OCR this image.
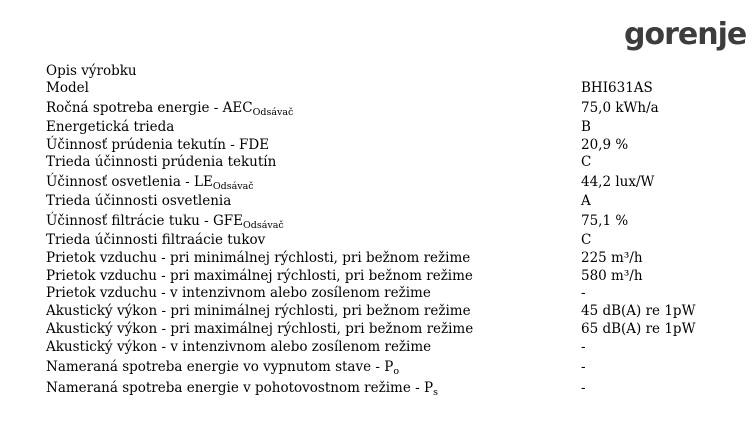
gorenje
Opis výrobku
Model	BHI631AS
Ročná spotreba energie - $AEC_{Odsávač}$	75,0 kWh/a
Energetická trieda	B
Účinnosť prúdenia tekutín - FDE	20,9 %
Trieda účinnosti prúdenia tekutín	C
Účinnosť osvetlenia - $LE_{Odsávač}$	44,2 lux/W
Trieda účinnosti osvetlenia	A
Účinnosť filtrácie tuku - $GFE_{Odsávač}$	75,1 %
Trieda účinnosti filtraácie tukov	C
Prietok vzduchu - pri minimálnej rýchlosti, pri bežnom režime	225 m³/h
Prietok vzduchu - pri maximálnej rýchlosti, pri bežnom režime	580 m³/h
Prietok vzduchu - v intenzivnom alebo zosílenom režime	-
Akustický výkon - pri minimálnej rýchlosti, pri bežnom režime	45 dB(A) re 1pW
Akustický výkon - pri maximálnej rýchlosti, pri bežnom režime	65 dB(A) re 1pW
Akustický výkon - v intenzivnom alebo zosílenom režime	-
Nameraná spotreba energie vo vypnutom stave - $P_o$	-
Nameraná spotreba energie v pohotovostnom režime - $P_s$	-
